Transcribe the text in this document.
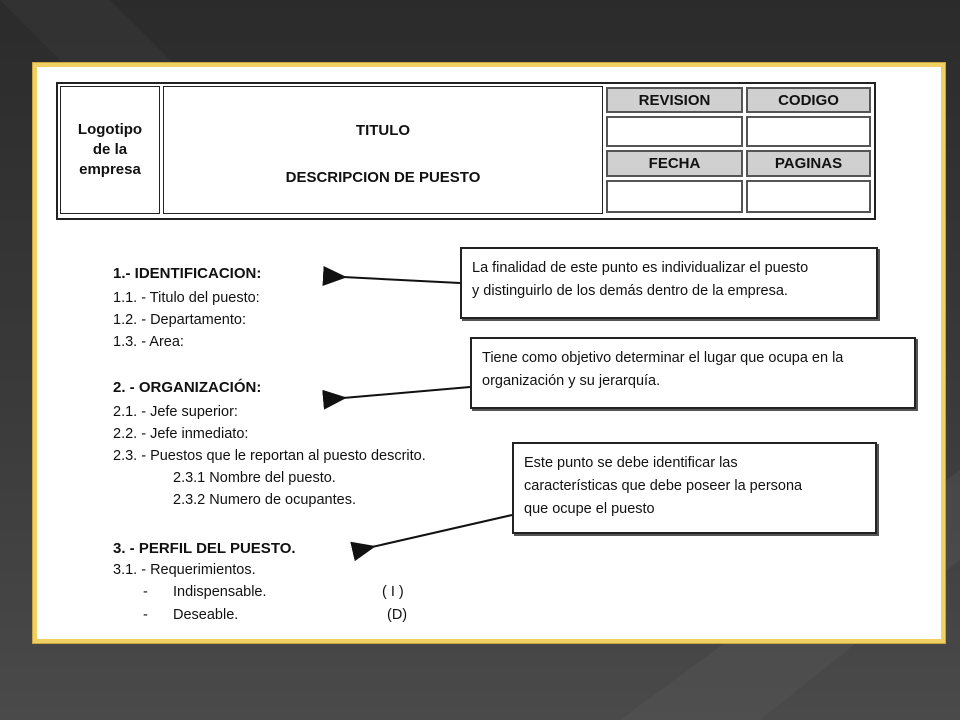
Logotipo
de la
empresa
TITULO
DESCRIPCION DE PUESTO
REVISION	CODIGO
FECHA	PAGINAS
1.- IDENTIFICACION:
1.1. - Titulo del puesto:
1.2. - Departamento:
1.3. - Area:
2. - ORGANIZACIÓN:
2.1. - Jefe superior:
2.2. - Jefe inmediato:
2.3. - Puestos que le reportan al puesto descrito.
2.3.1 Nombre del puesto.
2.3.2 Numero de ocupantes.
3. - PERFIL DEL PUESTO.
3.1. - Requerimientos.
- Indispensable.	( I )
- Deseable.	(D)
La finalidad de este punto es individualizar el puesto
y distinguirlo de los demás dentro de la empresa.
Tiene como objetivo determinar el lugar que ocupa en la
organización y su jerarquía.
Este punto se debe identificar las
características que debe poseer la persona
que ocupe el puesto
